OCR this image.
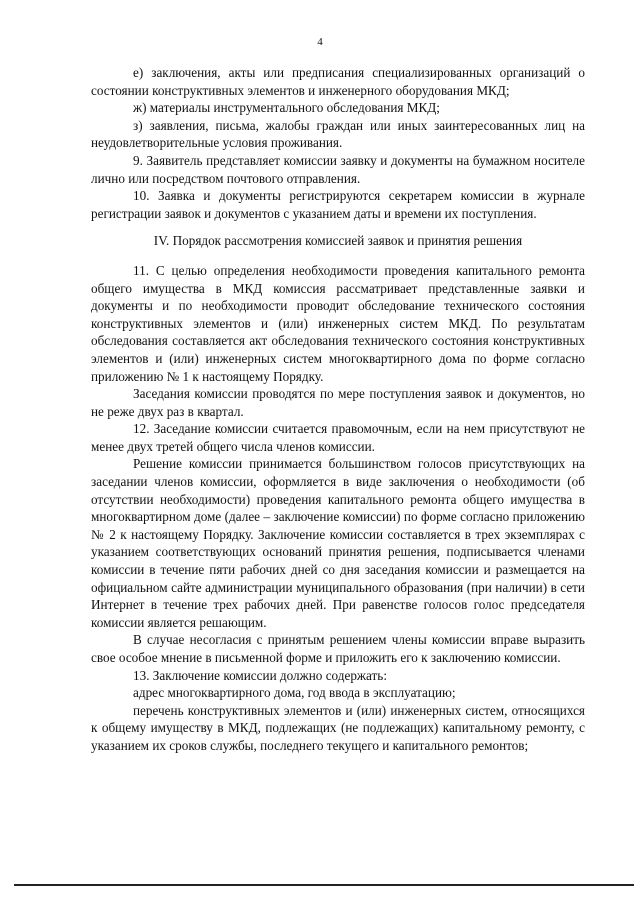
4

е) заключения, акты или предписания специализированных организаций о состоянии конструктивных элементов и инженерного оборудования МКД;

ж) материалы инструментального обследования МКД;

з) заявления, письма, жалобы граждан или иных заинтересованных лиц на неудовлетворительные условия проживания.

9. Заявитель представляет комиссии заявку и документы на бумажном носителе лично или посредством почтового отправления.

10. Заявка и документы регистрируются секретарем комиссии в журнале регистрации заявок и документов с указанием даты и времени их поступления.

IV. Порядок рассмотрения комиссией заявок и принятия решения

11. С целью определения необходимости проведения капитального ремонта общего имущества в МКД комиссия рассматривает представленные заявки и документы и по необходимости проводит обследование технического состояния конструктивных элементов и (или) инженерных систем МКД. По результатам обследования составляется акт обследования технического состояния конструктивных элементов и (или) инженерных систем многоквартирного дома по форме согласно приложению № 1 к настоящему Порядку.

Заседания комиссии проводятся по мере поступления заявок и документов, но не реже двух раз в квартал.

12. Заседание комиссии считается правомочным, если на нем присутствуют не менее двух третей общего числа членов комиссии.

Решение комиссии принимается большинством голосов присутствующих на заседании членов комиссии, оформляется в виде заключения о необходимости (об отсутствии необходимости) проведения капитального ремонта общего имущества в многоквартирном доме (далее – заключение комиссии) по форме согласно приложению № 2 к настоящему Порядку. Заключение комиссии составляется в трех экземплярах с указанием соответствующих оснований принятия решения, подписывается членами комиссии в течение пяти рабочих дней со дня заседания комиссии и размещается на официальном сайте администрации муниципального образования (при наличии) в сети Интернет в течение трех рабочих дней. При равенстве голосов голос председателя комиссии является решающим.

В случае несогласия с принятым решением члены комиссии вправе выразить свое особое мнение в письменной форме и приложить его к заключению комиссии.

13. Заключение комиссии должно содержать:

адрес многоквартирного дома, год ввода в эксплуатацию;

перечень конструктивных элементов и (или) инженерных систем, относящихся к общему имуществу в МКД, подлежащих (не подлежащих) капитальному ремонту, с указанием их сроков службы, последнего текущего и капитального ремонтов;
